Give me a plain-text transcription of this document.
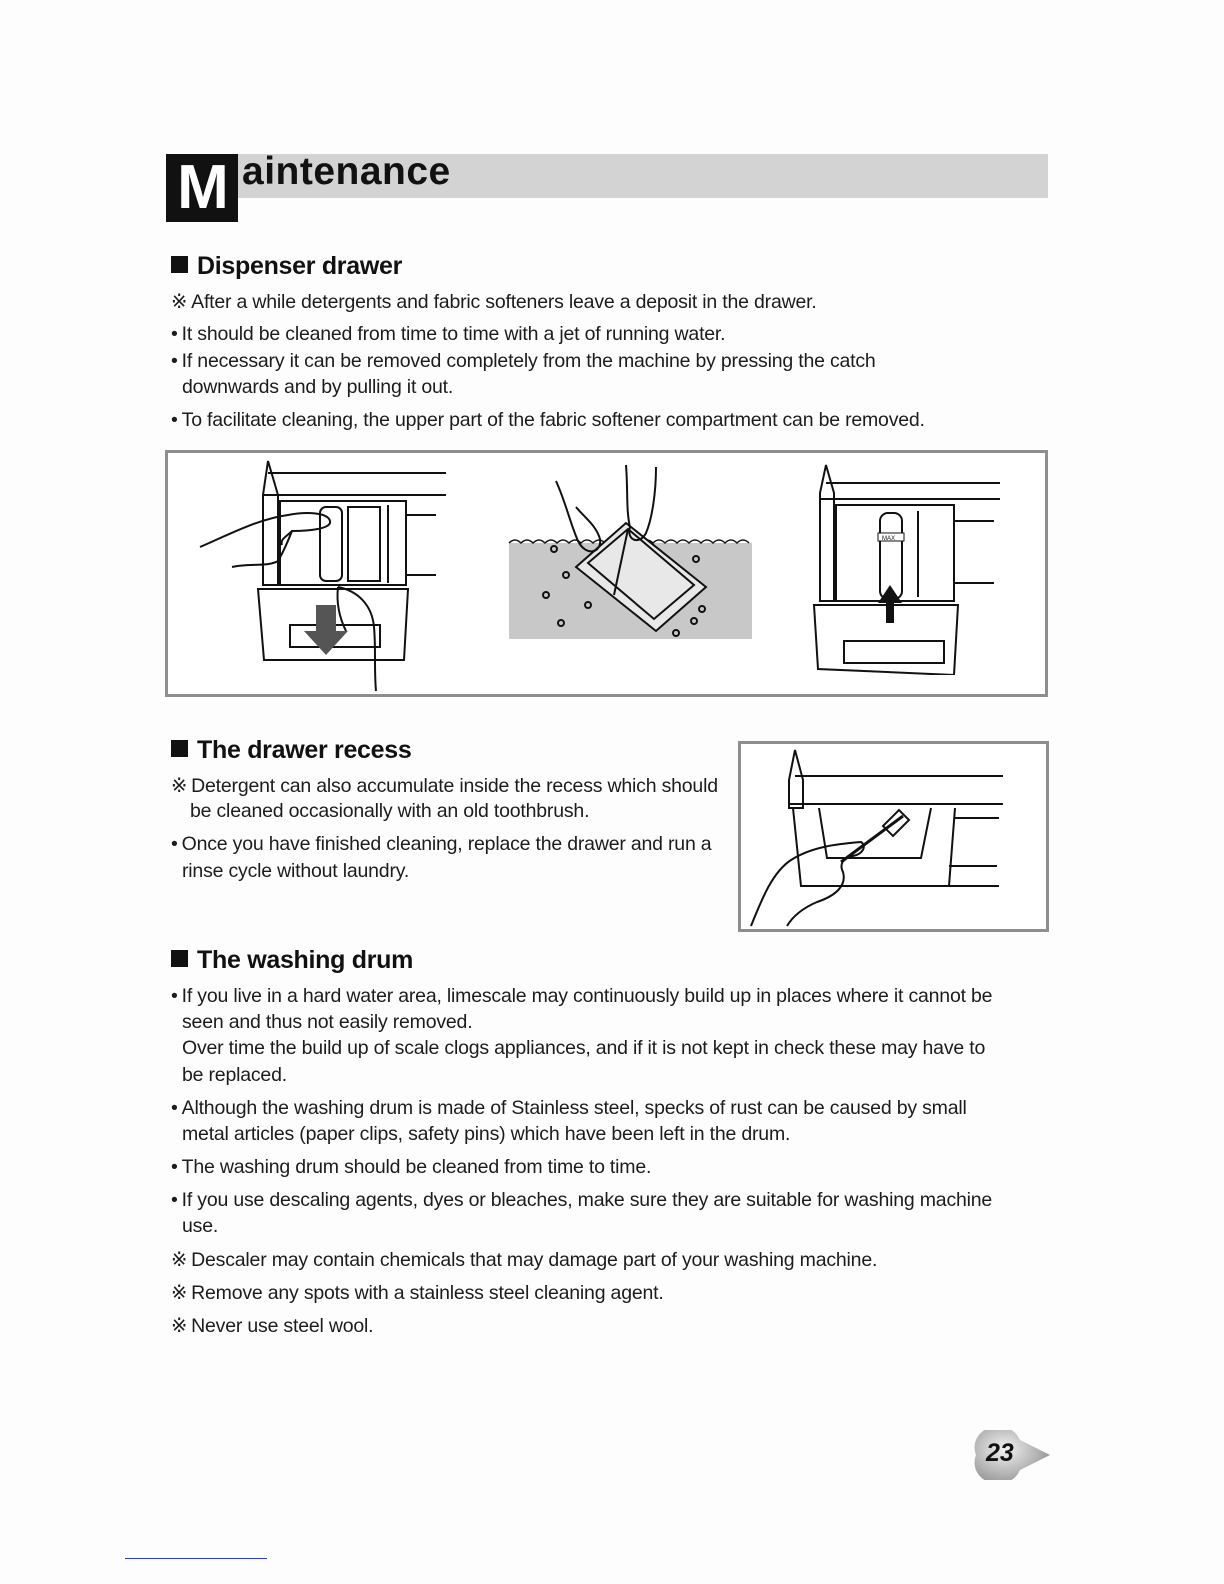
M aintenance
Dispenser drawer
※ After a while detergents and fabric softeners leave a deposit in the drawer.
• It should be cleaned from time to time with a jet of running water.
• If necessary it can be removed completely from the machine by pressing the catch
downwards and by pulling it out.
• To facilitate cleaning, the upper part of the fabric softener compartment can be removed.
MAX
The drawer recess
※ Detergent can also accumulate inside the recess which should
be cleaned occasionally with an old toothbrush.
• Once you have finished cleaning, replace the drawer and run a
rinse cycle without laundry.
The washing drum
• If you live in a hard water area, limescale may continuously build up in places where it cannot be
seen and thus not easily removed.
Over time the build up of scale clogs appliances, and if it is not kept in check these may have to
be replaced.
• Although the washing drum is made of Stainless steel, specks of rust can be caused by small
metal articles (paper clips, safety pins) which have been left in the drum.
• The washing drum should be cleaned from time to time.
• If you use descaling agents, dyes or bleaches, make sure they are suitable for washing machine
use.
※ Descaler may contain chemicals that may damage part of your washing machine.
※ Remove any spots with a stainless steel cleaning agent.
※ Never use steel wool.
23
